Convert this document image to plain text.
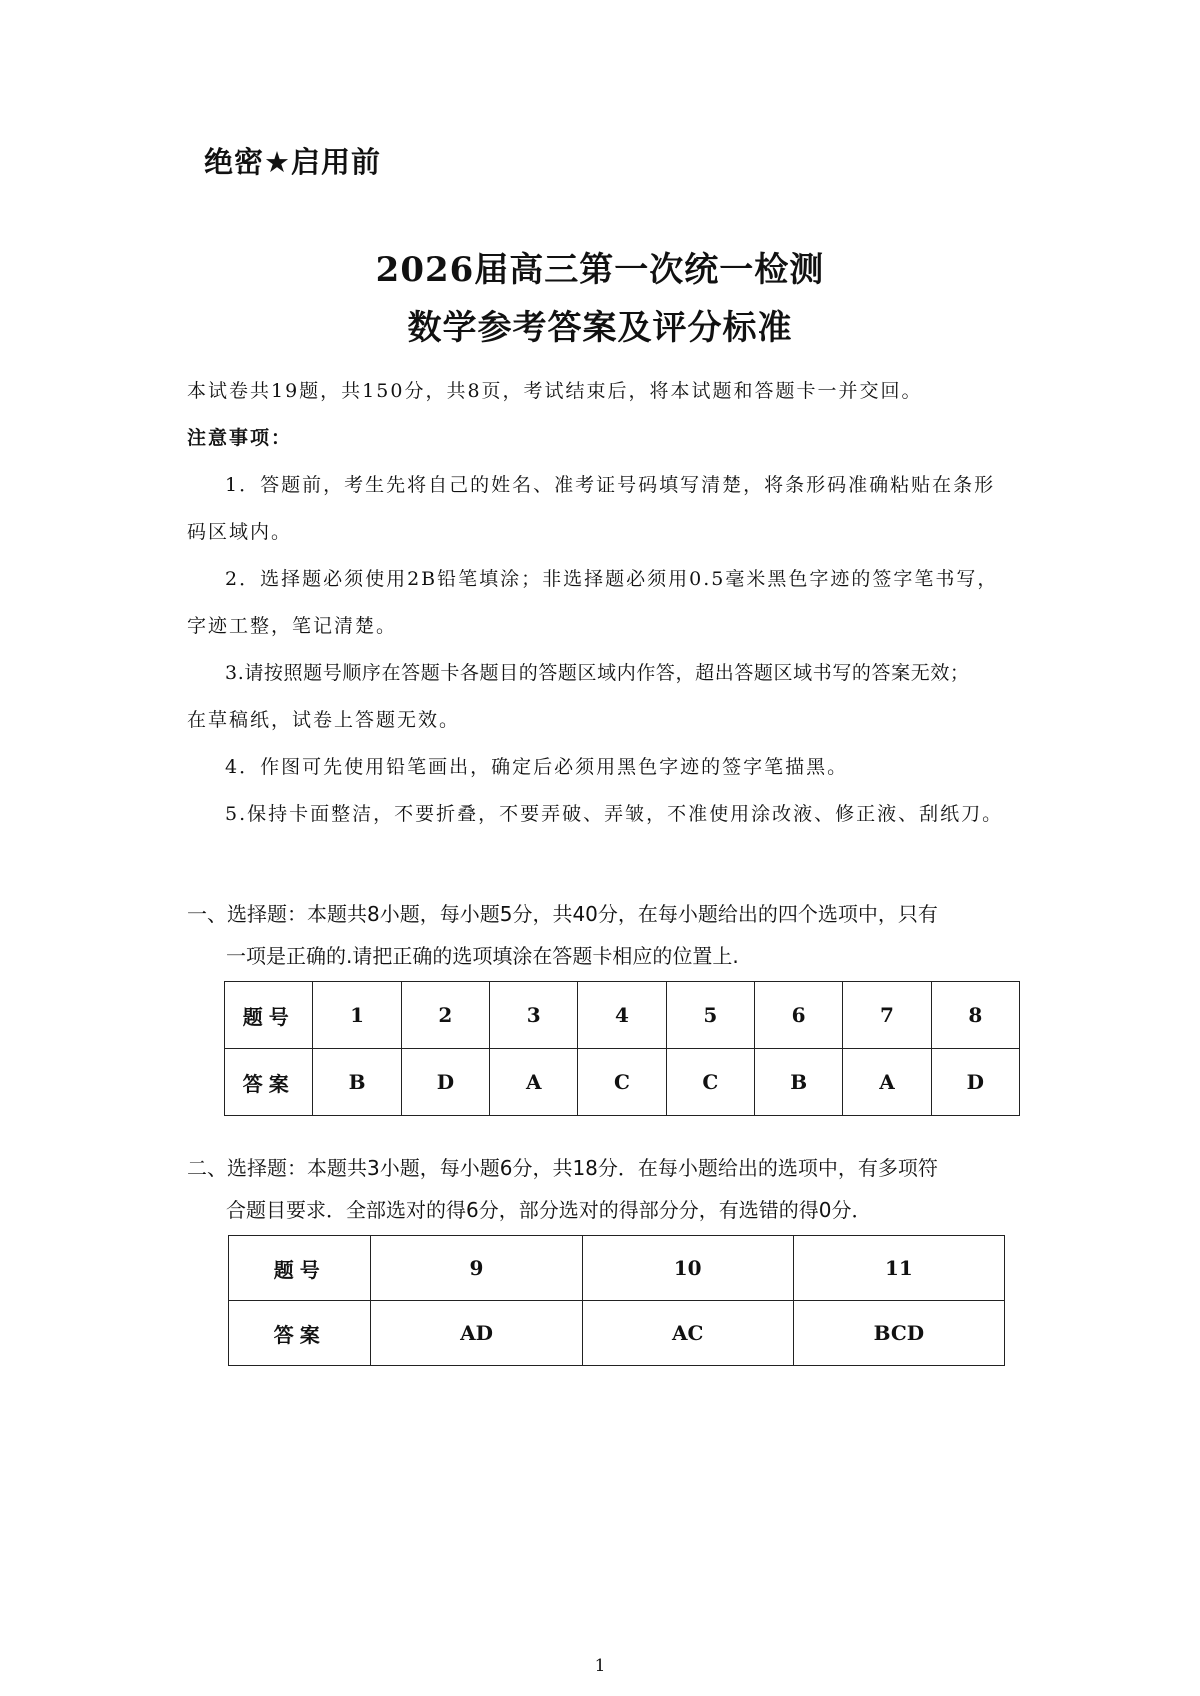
绝密★启用前
2026届高三第一次统一检测
数学参考答案及评分标准
本试卷共19题，共150分，共8页，考试结束后，将本试题和答题卡一并交回。
注意事项：
1．答题前，考生先将自己的姓名、准考证号码填写清楚，将条形码准确粘贴在条形
码区域内。
2．选择题必须使用2B铅笔填涂；非选择题必须用0.5毫米黑色字迹的签字笔书写，
字迹工整，笔记清楚。
3.请按照题号顺序在答题卡各题目的答题区域内作答，超出答题区域书写的答案无效；
在草稿纸，试卷上答题无效。
4．作图可先使用铅笔画出，确定后必须用黑色字迹的签字笔描黑。
5.保持卡面整洁，不要折叠，不要弄破、弄皱，不准使用涂改液、修正液、刮纸刀。
一、选择题：本题共8小题，每小题5分，共40分，在每小题给出的四个选项中，只有
一项是正确的.请把正确的选项填涂在答题卡相应的位置上.
题号	1	2	3	4	5	6	7	8
答案	B	D	A	C	C	B	A	D
二、选择题：本题共3小题，每小题6分，共18分．在每小题给出的选项中，有多项符
合题目要求．全部选对的得6分，部分选对的得部分分，有选错的得0分．
题号	9	10	11
答案	AD	AC	BCD
1
